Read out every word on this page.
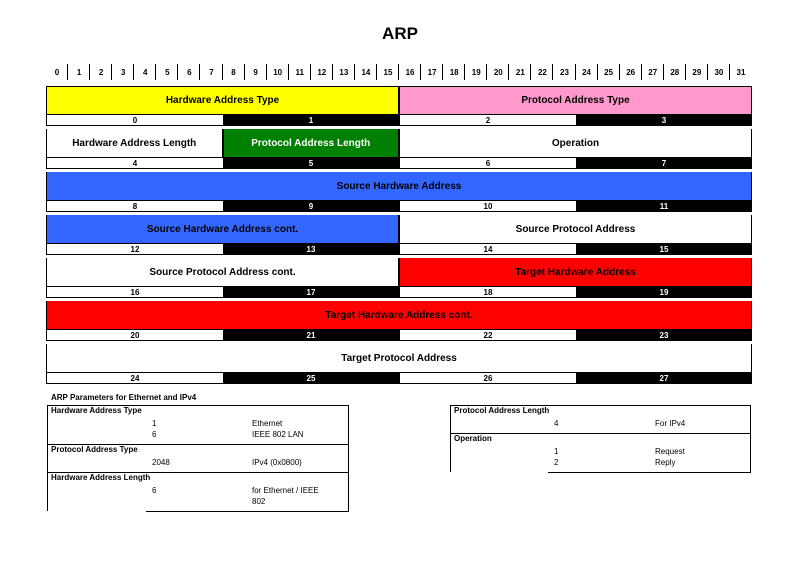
ARP
0	1	2	3	4	5	6	7	8	9	10	11	12	13	14	15	16	17	18	19	20	21	22	23	24	25	26	27	28	29	30	31
Hardware Address Type	Protocol Address Type
0	1	2	3
Hardware Address Length	Protocol Address Length	Operation
4	5	6	7
Source Hardware Address
8	9	10	11
Source Hardware Address cont.	Source Protocol Address
12	13	14	15
Source Protocol Address cont.	Target Hardware Address
16	17	18	19
Target Hardware Address cont.
20	21	22	23
Target Protocol Address
24	25	26	27
ARP Parameters for Ethernet and IPv4
Hardware Address Type
1	Ethernet
6	IEEE 802 LAN
Protocol Address Type
2048	IPv4 (0x0800)
Hardware Address Length
6	for Ethernet / IEEE
802
Protocol Address Length
4	For IPv4
Operation
1	Request
2	Reply
